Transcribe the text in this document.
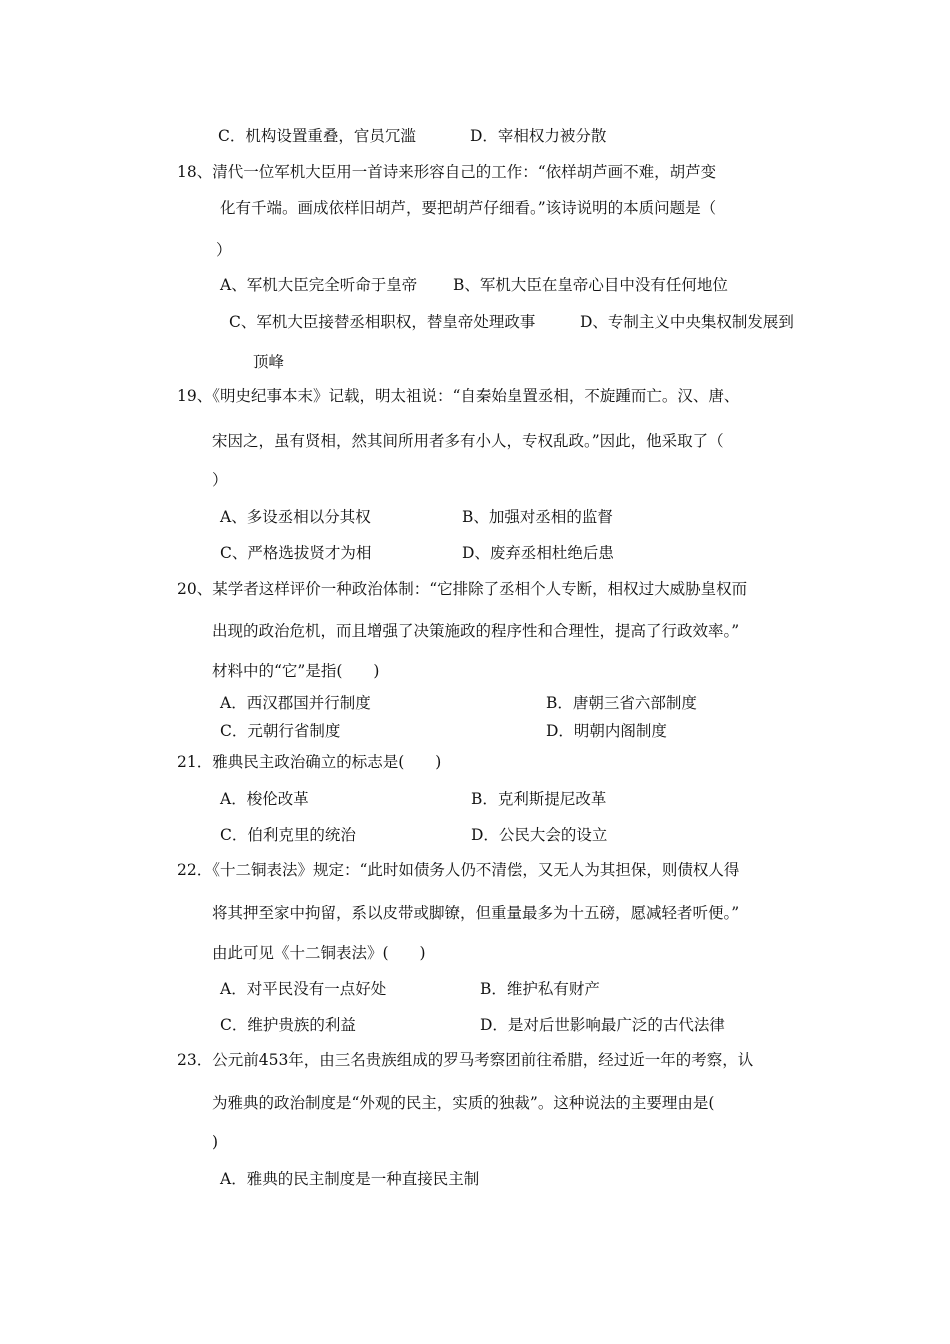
C．机构设置重叠，官员冗滥	D．宰相权力被分散
18、清代一位军机大臣用一首诗来形容自己的工作：“依样胡芦画不难，胡芦变
化有千端。画成依样旧胡芦，要把胡芦仔细看。”该诗说明的本质问题是（
）
A、军机大臣完全听命于皇帝 B、军机大臣在皇帝心目中没有任何地位
C、军机大臣接替丞相职权，替皇帝处理政事	D、专制主义中央集权制发展到
顶峰
19、《明史纪事本末》记载，明太祖说：“自秦始皇置丞相，不旋踵而亡。汉、唐、
宋因之，虽有贤相，然其间所用者多有小人，专权乱政。”因此，他采取了（
）
A、多设丞相以分其权	B、加强对丞相的监督
C、严格选拔贤才为相	D、废弃丞相杜绝后患
20、某学者这样评价一种政治体制：“它排除了丞相个人专断，相权过大威胁皇权而
出现的政治危机，而且增强了决策施政的程序性和合理性，提高了行政效率。”
材料中的“它”是指(　　)
A．西汉郡国并行制度	B．唐朝三省六部制度
C．元朝行省制度	D．明朝内阁制度
21．雅典民主政治确立的标志是(　　)
A．梭伦改革	B．克利斯提尼改革
C．伯利克里的统治	D．公民大会的设立
22．《十二铜表法》规定：“此时如债务人仍不清偿，又无人为其担保，则债权人得
将其押至家中拘留，系以皮带或脚镣，但重量最多为十五磅，愿减轻者听便。”
由此可见《十二铜表法》(　　)
A．对平民没有一点好处	B．维护私有财产
C．维护贵族的利益	D．是对后世影响最广泛的古代法律
23．公元前453年，由三名贵族组成的罗马考察团前往希腊，经过近一年的考察，认
为雅典的政治制度是“外观的民主，实质的独裁”。这种说法的主要理由是(
)
A．雅典的民主制度是一种直接民主制
